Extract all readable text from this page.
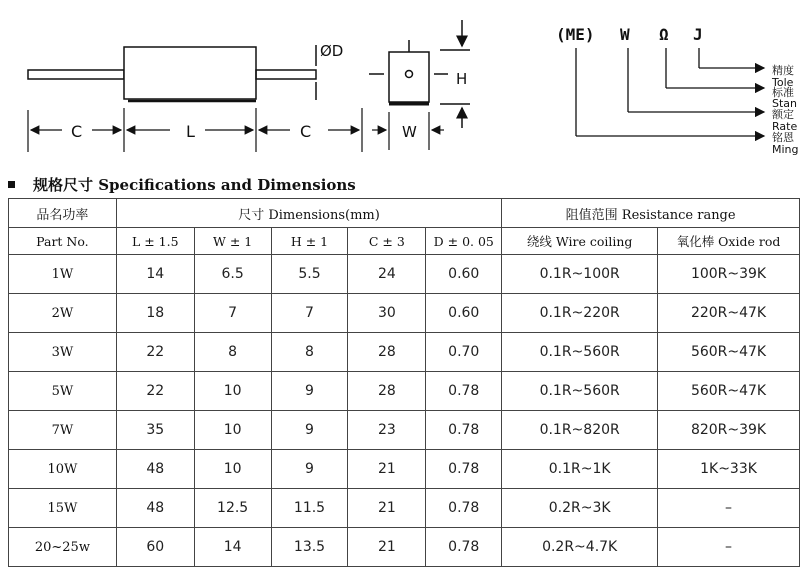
ØD
H
C	L	C	W
(ME) W Ω J
精度
Tole
标准
Stan
额定
Rate
铭恩
Ming
规格尺寸 Specifications and Dimensions
品名功率	尺寸 Dimensions(mm)					阻值范围 Resistance range	
Part No.	L ± 1.5	W ± 1	H ± 1	C ± 3	D ± 0. 05	绕线 Wire coiling	氧化棒 Oxide rod
1W	14	6.5	5.5	24	0.60	0.1R~100R	100R~39K
2W	18	7	7	30	0.60	0.1R~220R	220R~47K
3W	22	8	8	28	0.70	0.1R~560R	560R~47K
5W	22	10	9	28	0.78	0.1R~560R	560R~47K
7W	35	10	9	23	0.78	0.1R~820R	820R~39K
10W	48	10	9	21	0.78	0.1R~1K	1K~33K
15W	48	12.5	11.5	21	0.78	0.2R~3K	–
20~25w	60	14	13.5	21	0.78	0.2R~4.7K	–
